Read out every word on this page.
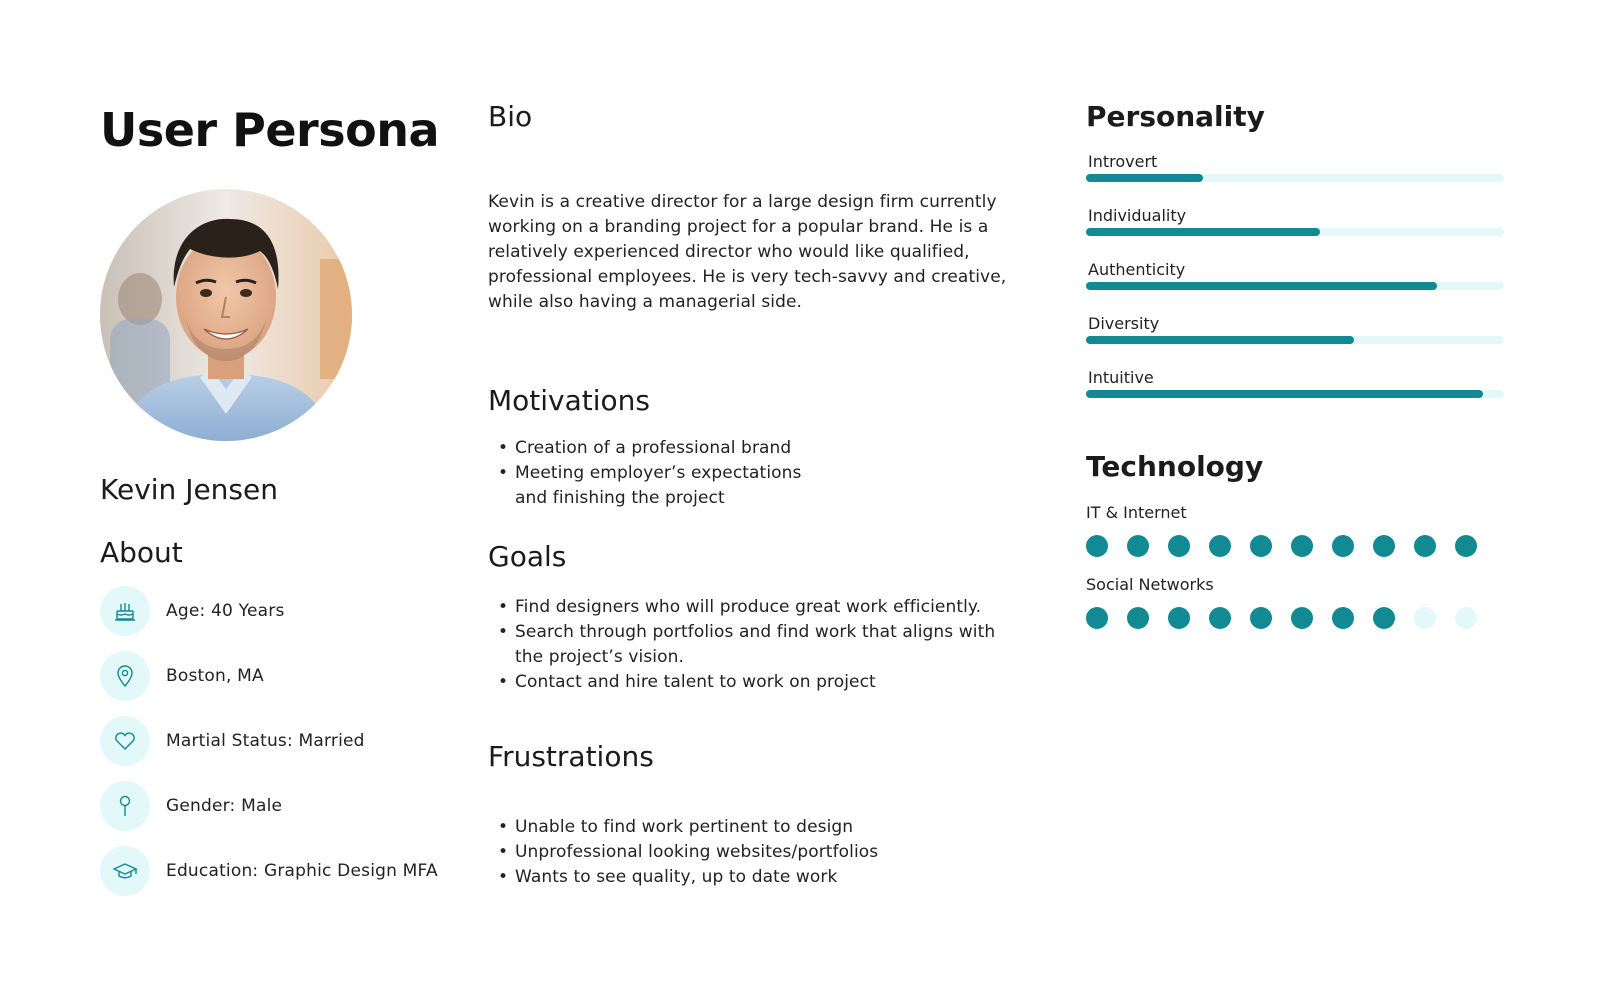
User Persona
Kevin Jensen
About
Age: 40 Years
Boston, MA
Martial Status: Married
Gender: Male
Education: Graphic Design MFA
Bio

Kevin is a creative director for a large design firm currently working on a branding project for a popular brand. He is a relatively experienced director who would like qualified, professional employees. He is very tech-savvy and creative, while also having a managerial side.

Motivations
• Creation of a professional brand
• Meeting employer’s expectations and finishing the project
Goals
• Find designers who will produce great work efficiently.
• Search through portfolios and find work that aligns with the project’s vision.
• Contact and hire talent to work on project
Frustrations
• Unable to find work pertinent to design
• Unprofessional looking websites/portfolios
• Wants to see quality, up to date work
Personality
Introvert
Individuality
Authenticity
Diversity
Intuitive
Technology
IT & Internet
Social Networks
